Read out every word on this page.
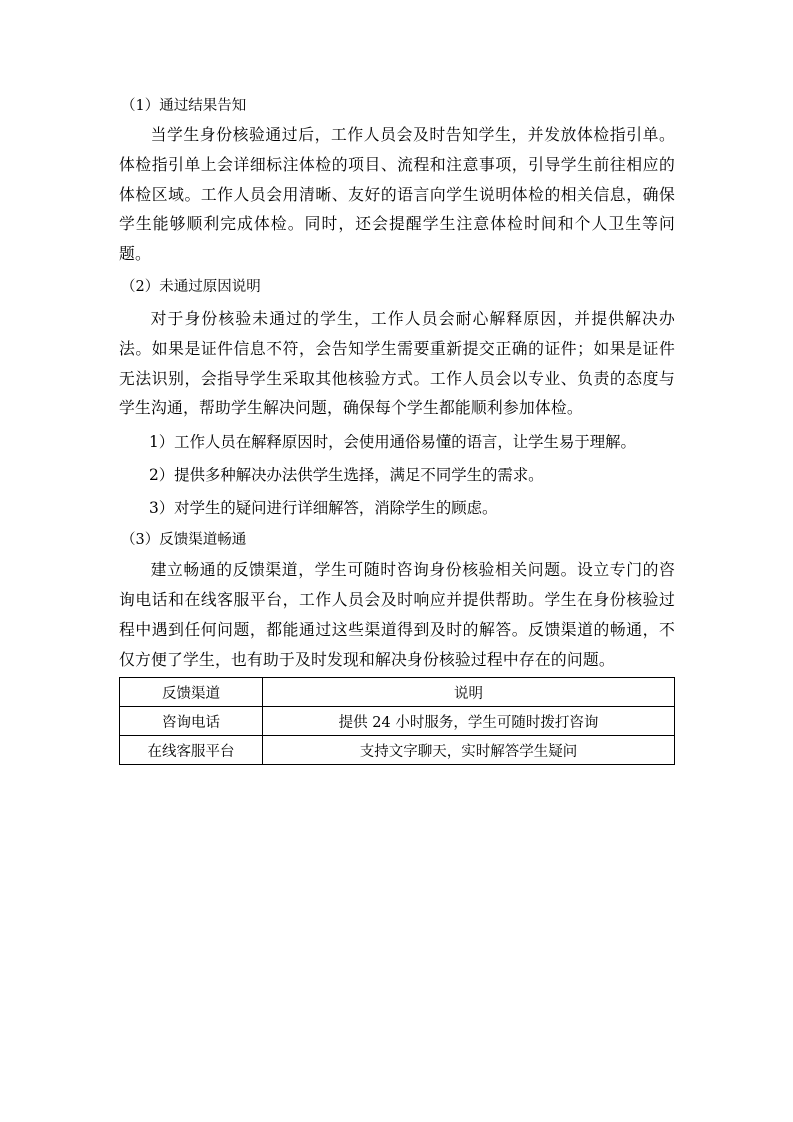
（1）通过结果告知

当学生身份核验通过后，工作人员会及时告知学生，并发放体检指引单。体检指引单上会详细标注体检的项目、流程和注意事项，引导学生前往相应的体检区域。工作人员会用清晰、友好的语言向学生说明体检的相关信息，确保学生能够顺利完成体检。同时，还会提醒学生注意体检时间和个人卫生等问题。

（2）未通过原因说明

对于身份核验未通过的学生，工作人员会耐心解释原因，并提供解决办法。如果是证件信息不符，会告知学生需要重新提交正确的证件；如果是证件无法识别，会指导学生采取其他核验方式。工作人员会以专业、负责的态度与学生沟通，帮助学生解决问题，确保每个学生都能顺利参加体检。

1）工作人员在解释原因时，会使用通俗易懂的语言，让学生易于理解。

2）提供多种解决办法供学生选择，满足不同学生的需求。

3）对学生的疑问进行详细解答，消除学生的顾虑。

（3）反馈渠道畅通

建立畅通的反馈渠道，学生可随时咨询身份核验相关问题。设立专门的咨询电话和在线客服平台，工作人员会及时响应并提供帮助。学生在身份核验过程中遇到任何问题，都能通过这些渠道得到及时的解答。反馈渠道的畅通，不仅方便了学生，也有助于及时发现和解决身份核验过程中存在的问题。

反馈渠道	说明
咨询电话	提供 24 小时服务，学生可随时拨打咨询
在线客服平台	支持文字聊天，实时解答学生疑问
